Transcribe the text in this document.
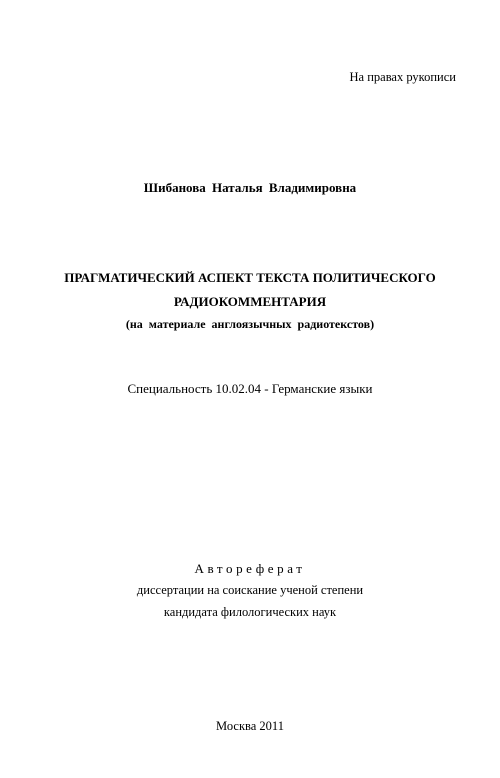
На правах рукописи
Шибанова Наталья Владимировна
ПРАГМАТИЧЕСКИЙ АСПЕКТ ТЕКСТА ПОЛИТИЧЕСКОГО
РАДИОКОММЕНТАРИЯ
(на материале англоязычных радиотекстов)
Специальность 10.02.04 - Германские языки
Автореферат
диссертации на соискание ученой степени
кандидата филологических наук
Москва 2011
